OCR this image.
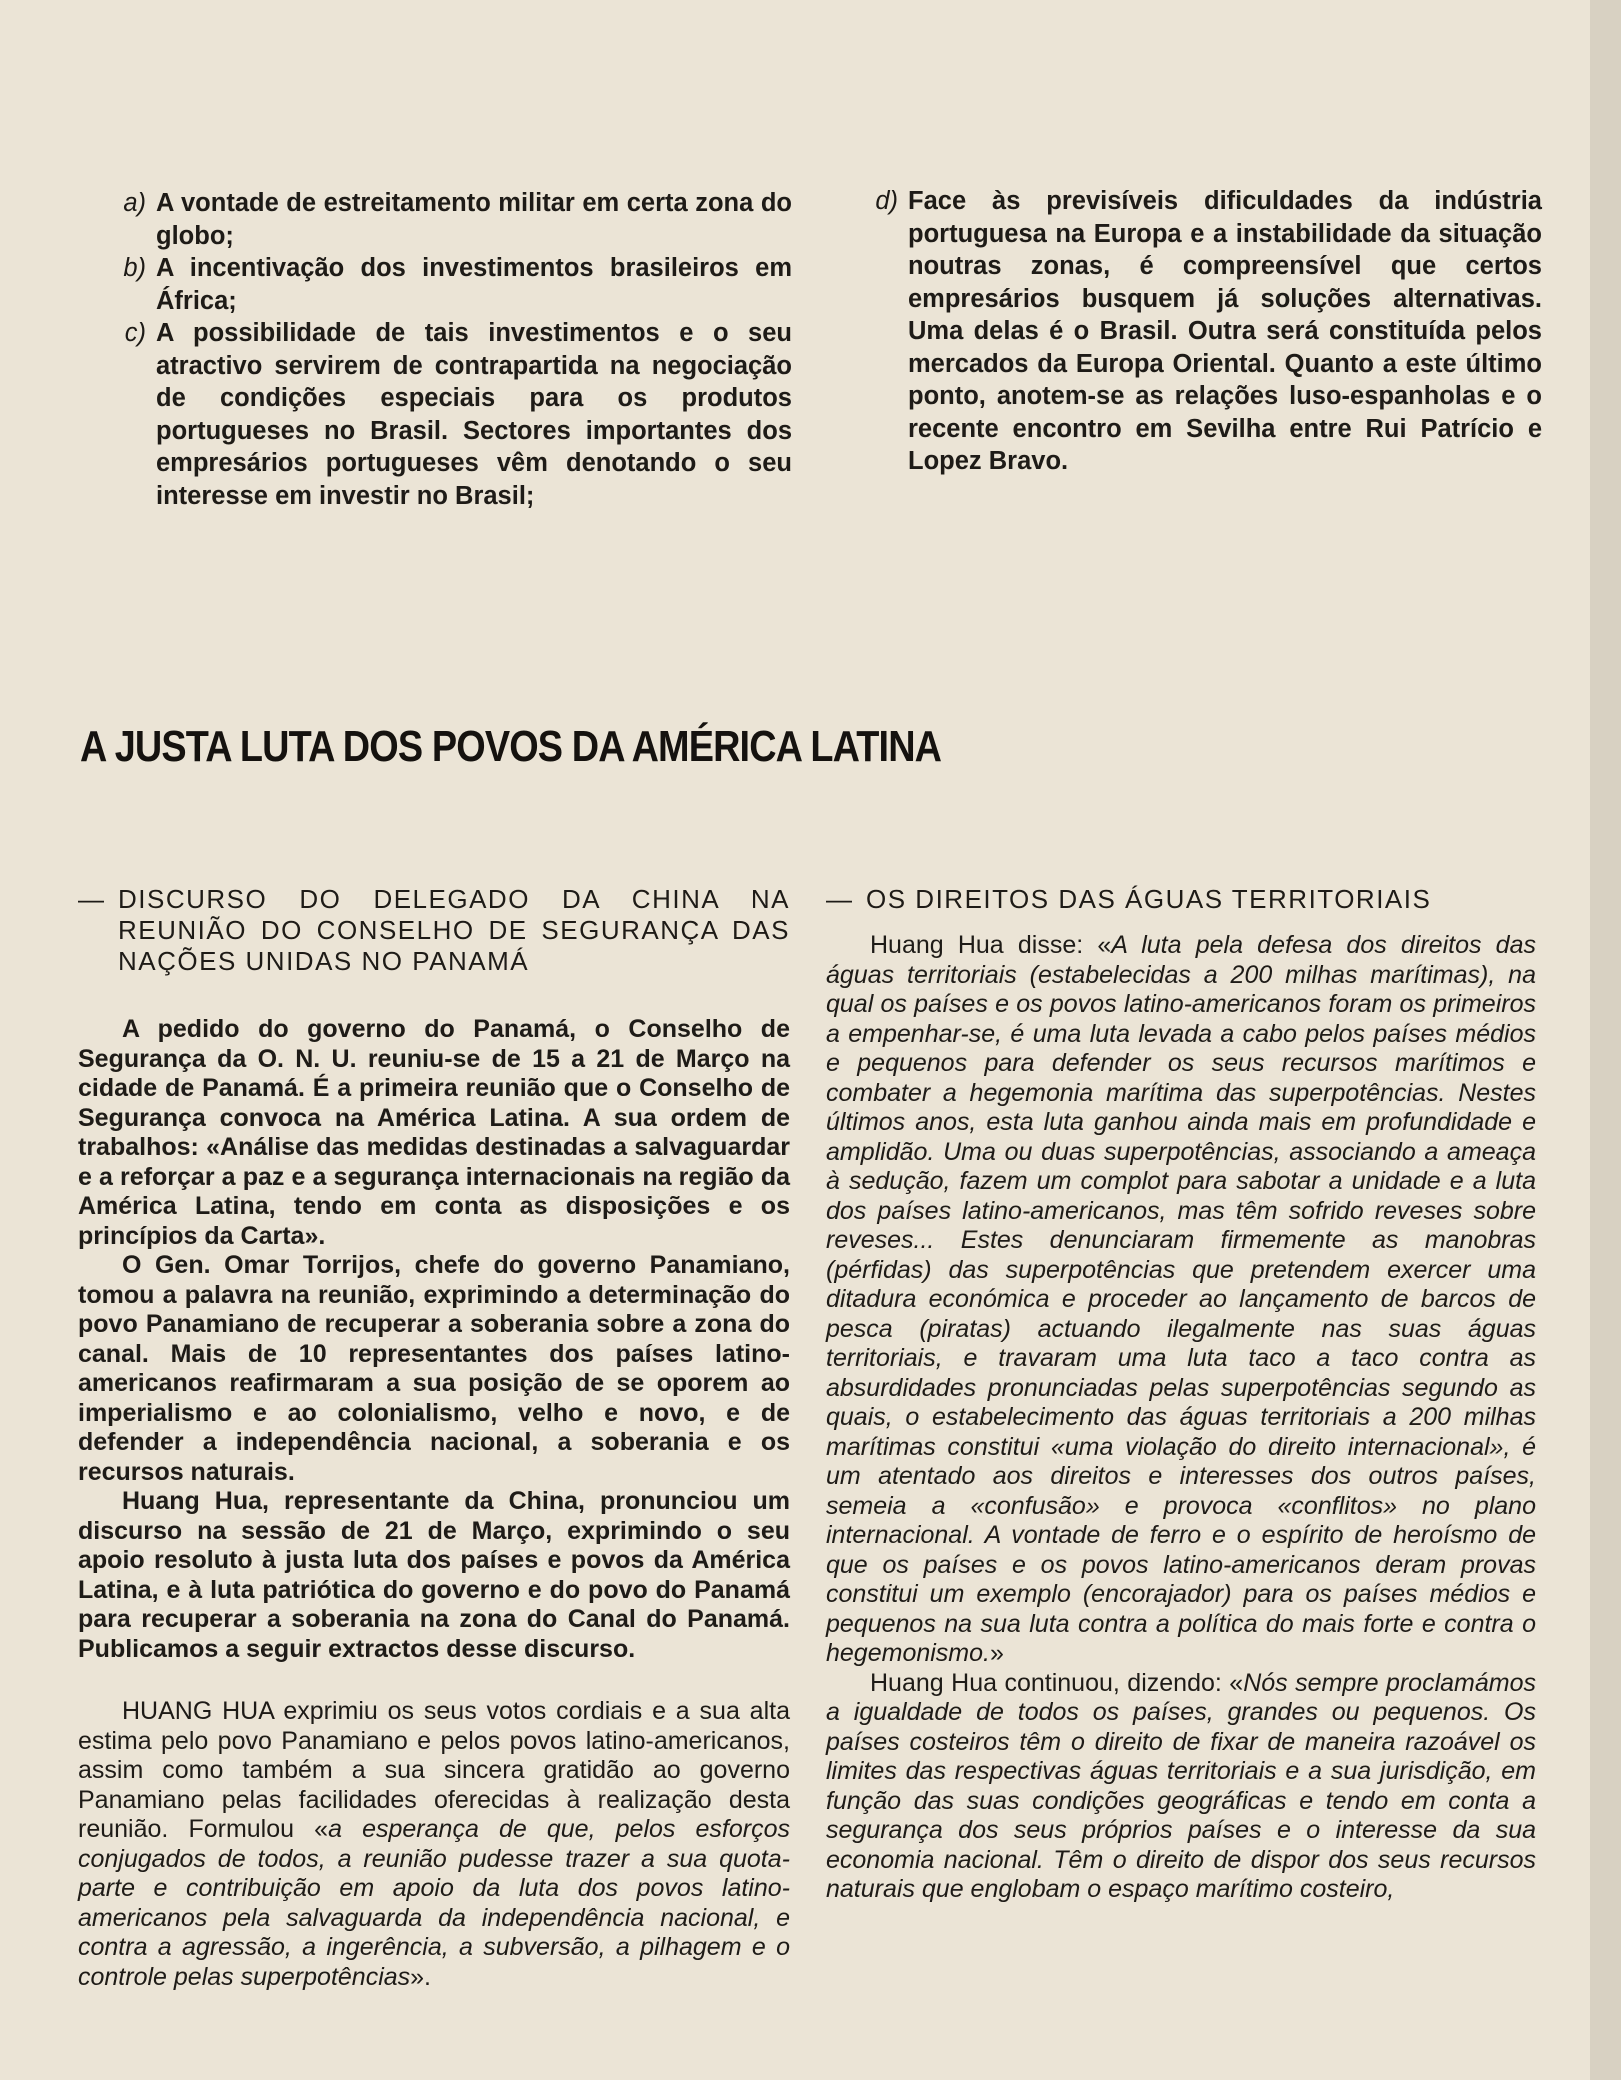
a) A vontade de estreitamento militar em certa zona do globo;
b) A incentivação dos investimentos brasileiros em África;
c) A possibilidade de tais investimentos e o seu atractivo servirem de contrapartida na negociação de condições especiais para os produtos portugueses no Brasil. Sectores importantes dos empresários portugueses vêm denotando o seu interesse em investir no Brasil;
d) Face às previsíveis dificuldades da indústria portuguesa na Europa e a instabilidade da situação noutras zonas, é compreensível que certos empresários busquem já soluções alternativas. Uma delas é o Brasil. Outra será constituída pelos mercados da Europa Oriental. Quanto a este último ponto, anotem-se as relações luso-espanholas e o recente encontro em Sevilha entre Rui Patrício e Lopez Bravo.
A JUSTA LUTA DOS POVOS DA AMÉRICA LATINA
— DISCURSO DO DELEGADO DA CHINA NA REUNIÃO DO CONSELHO DE SEGURANÇA DAS NAÇÕES UNIDAS NO PANAMÁ

A pedido do governo do Panamá, o Conselho de Segurança da O. N. U. reuniu-se de 15 a 21 de Março na cidade de Panamá. É a primeira reunião que o Conselho de Segurança convoca na América Latina. A sua ordem de trabalhos: «Análise das medidas destinadas a salvaguardar e a reforçar a paz e a segurança internacionais na região da América Latina, tendo em conta as disposições e os princípios da Carta».

O Gen. Omar Torrijos, chefe do governo Panamiano, tomou a palavra na reunião, exprimindo a determinação do povo Panamiano de recuperar a soberania sobre a zona do canal. Mais de 10 representantes dos países latino-americanos reafirmaram a sua posição de se oporem ao imperialismo e ao colonialismo, velho e novo, e de defender a independência nacional, a soberania e os recursos naturais.

Huang Hua, representante da China, pronunciou um discurso na sessão de 21 de Março, exprimindo o seu apoio resoluto à justa luta dos países e povos da América Latina, e à luta patriótica do governo e do povo do Panamá para recuperar a soberania na zona do Canal do Panamá. Publicamos a seguir extractos desse discurso.

HUANG HUA exprimiu os seus votos cordiais e a sua alta estima pelo povo Panamiano e pelos povos latino-americanos, assim como também a sua sincera gratidão ao governo Panamiano pelas facilidades oferecidas à realização desta reunião. Formulou «a esperança de que, pelos esforços conjugados de todos, a reunião pudesse trazer a sua quota-parte e contribuição em apoio da luta dos povos latino-americanos pela salvaguarda da independência nacional, e contra a agressão, a ingerência, a subversão, a pilhagem e o controle pelas superpotências».

— OS DIREITOS DAS ÁGUAS TERRITORIAIS

Huang Hua disse: «A luta pela defesa dos direitos das águas territoriais (estabelecidas a 200 milhas marítimas), na qual os países e os povos latino-americanos foram os primeiros a empenhar-se, é uma luta levada a cabo pelos países médios e pequenos para defender os seus recursos marítimos e combater a hegemonia marítima das superpotências. Nestes últimos anos, esta luta ganhou ainda mais em profundidade e amplidão. Uma ou duas superpotências, associando a ameaça à sedução, fazem um complot para sabotar a unidade e a luta dos países latino-americanos, mas têm sofrido reveses sobre reveses... Estes denunciaram firmemente as manobras (pérfidas) das superpotências que pretendem exercer uma ditadura económica e proceder ao lançamento de barcos de pesca (piratas) actuando ilegalmente nas suas águas territoriais, e travaram uma luta taco a taco contra as absurdidades pronunciadas pelas superpotências segundo as quais, o estabelecimento das águas territoriais a 200 milhas marítimas constitui «uma violação do direito internacional», é um atentado aos direitos e interesses dos outros países, semeia a «confusão» e provoca «conflitos» no plano internacional. A vontade de ferro e o espírito de heroísmo de que os países e os povos latino-americanos deram provas constitui um exemplo (encorajador) para os países médios e pequenos na sua luta contra a política do mais forte e contra o hegemonismo.»

Huang Hua continuou, dizendo: «Nós sempre proclamámos a igualdade de todos os países, grandes ou pequenos. Os países costeiros têm o direito de fixar de maneira razoável os limites das respectivas águas territoriais e a sua jurisdição, em função das suas condições geográficas e tendo em conta a segurança dos seus próprios países e o interesse da sua economia nacional. Têm o direito de dispor dos seus recursos naturais que englobam o espaço marítimo costeiro,
